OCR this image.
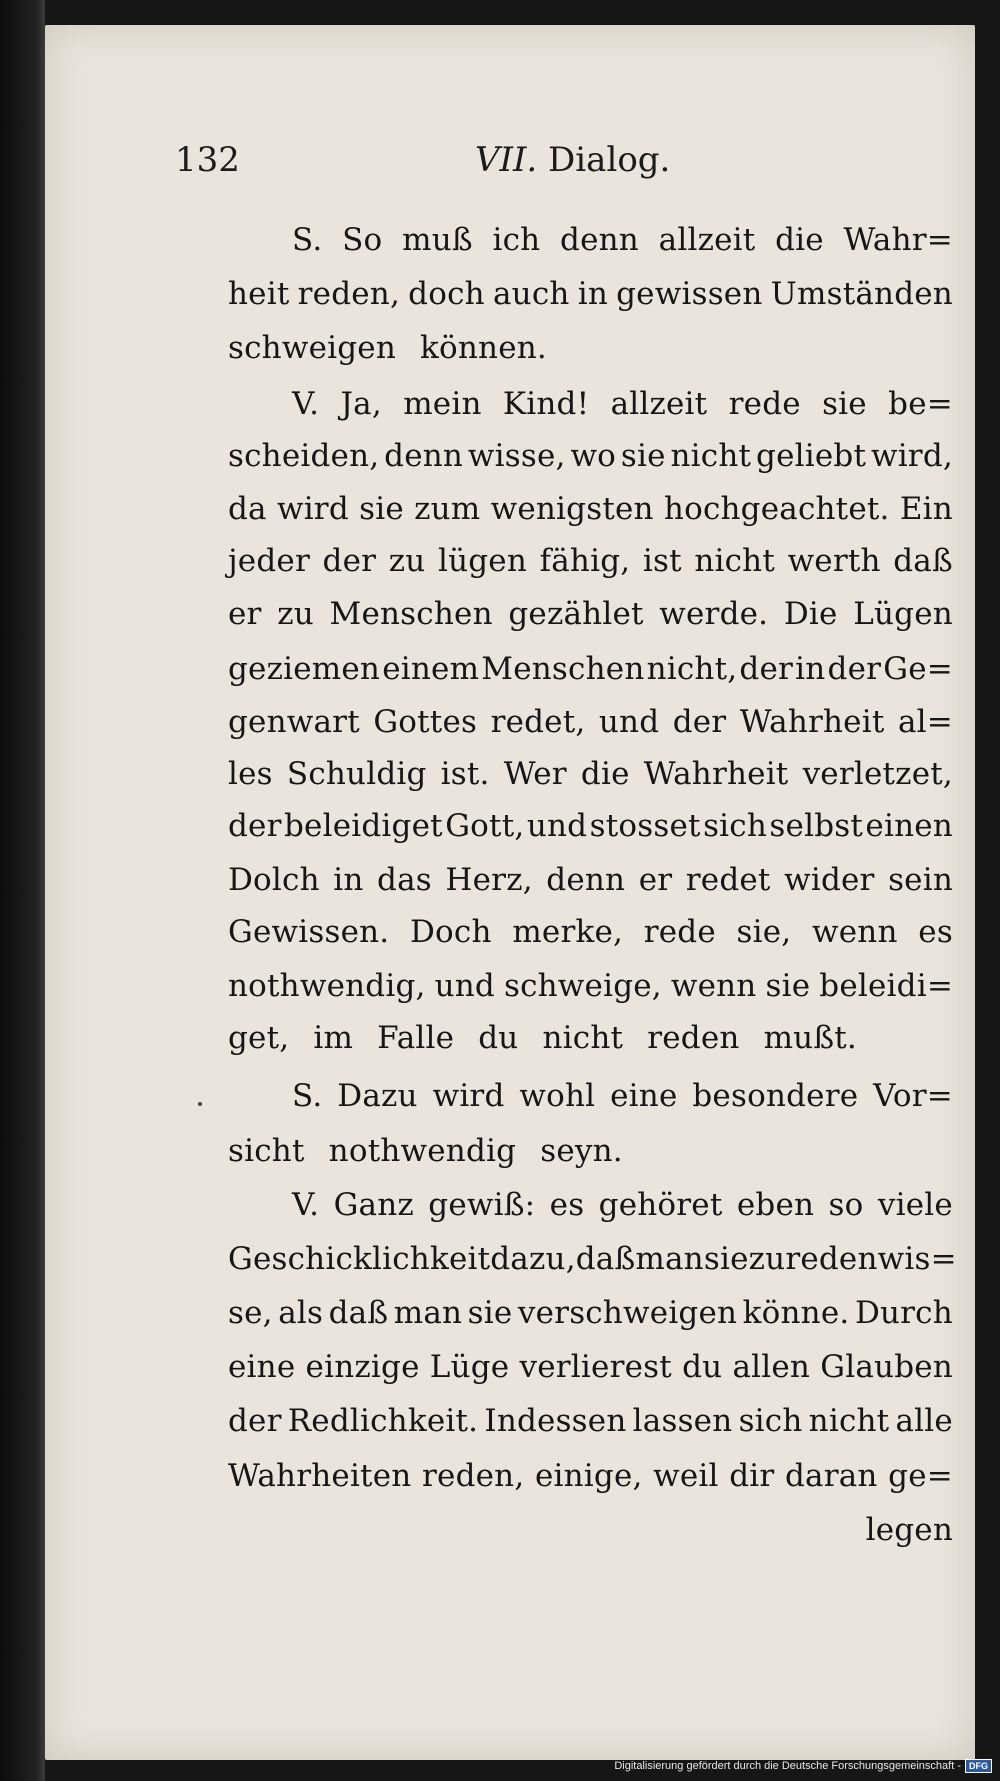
132	VII. Dialog.
S. So muß ich denn allzeit die Wahr=
heit reden, doch auch in gewissen Umständen
schweigen können.
V. Ja, mein Kind! allzeit rede sie be=
scheiden, denn wisse, wo sie nicht geliebt wird,
da wird sie zum wenigsten hochgeachtet. Ein
jeder der zu lügen fähig, ist nicht werth daß
er zu Menschen gezählet werde. Die Lügen
geziemen einem Menschen nicht, der in der Ge=
genwart Gottes redet, und der Wahrheit al=
les Schuldig ist. Wer die Wahrheit verletzet,
der beleidiget Gott, und stosset sich selbst einen
Dolch in das Herz, denn er redet wider sein
Gewissen. Doch merke, rede sie, wenn es
nothwendig, und schweige, wenn sie beleidi=
get, im Falle du nicht reden mußt.
S. Dazu wird wohl eine besondere Vor=
sicht nothwendig seyn.
V. Ganz gewiß: es gehöret eben so viele
Geschicklichkeit dazu, daß man sie zu reden wis=
se, als daß man sie verschweigen könne. Durch
eine einzige Lüge verlierest du allen Glauben
der Redlichkeit. Indessen lassen sich nicht alle
Wahrheiten reden, einige, weil dir daran ge=
legen
Digitalisierung gefördert durch die Deutsche Forschungsgemeinschaft - DFG
